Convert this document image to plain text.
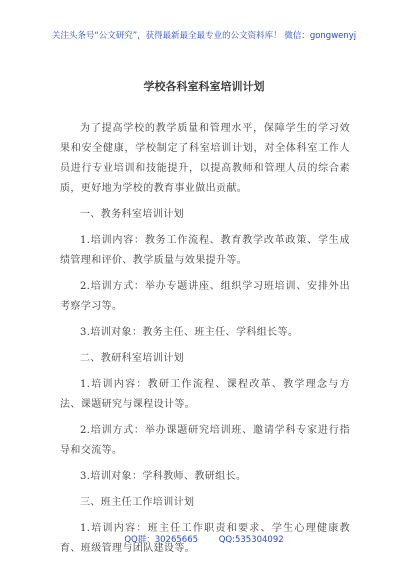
关注头条号“公文研究”，获得最新最全最专业的公文资料库！ 微信：gongwenyj
学校各科室科室培训计划

为了提高学校的教学质量和管理水平，保障学生的学习效果和安全健康，学校制定了科室培训计划，对全体科室工作人员进行专业培训和技能提升，以提高教师和管理人员的综合素质，更好地为学校的教育事业做出贡献。

一、教务科室培训计划

1.培训内容：教务工作流程、教育教学改革政策、学生成绩管理和评价、教学质量与效果提升等。

2.培训方式：举办专题讲座、组织学习班培训、安排外出考察学习等。

3.培训对象：教务主任、班主任、学科组长等。

二、教研科室培训计划

1.培训内容：教研工作流程、课程改革、教学理念与方法、课题研究与课程设计等。

2.培训方式：举办课题研究培训班、邀请学科专家进行指导和交流等。

3.培训对象：学科教师、教研组长。

三、班主任工作培训计划

1.培训内容：班主任工作职责和要求、学生心理健康教育、班级管理与团队建设等。

QQ群：30265665 QQ:535304092
